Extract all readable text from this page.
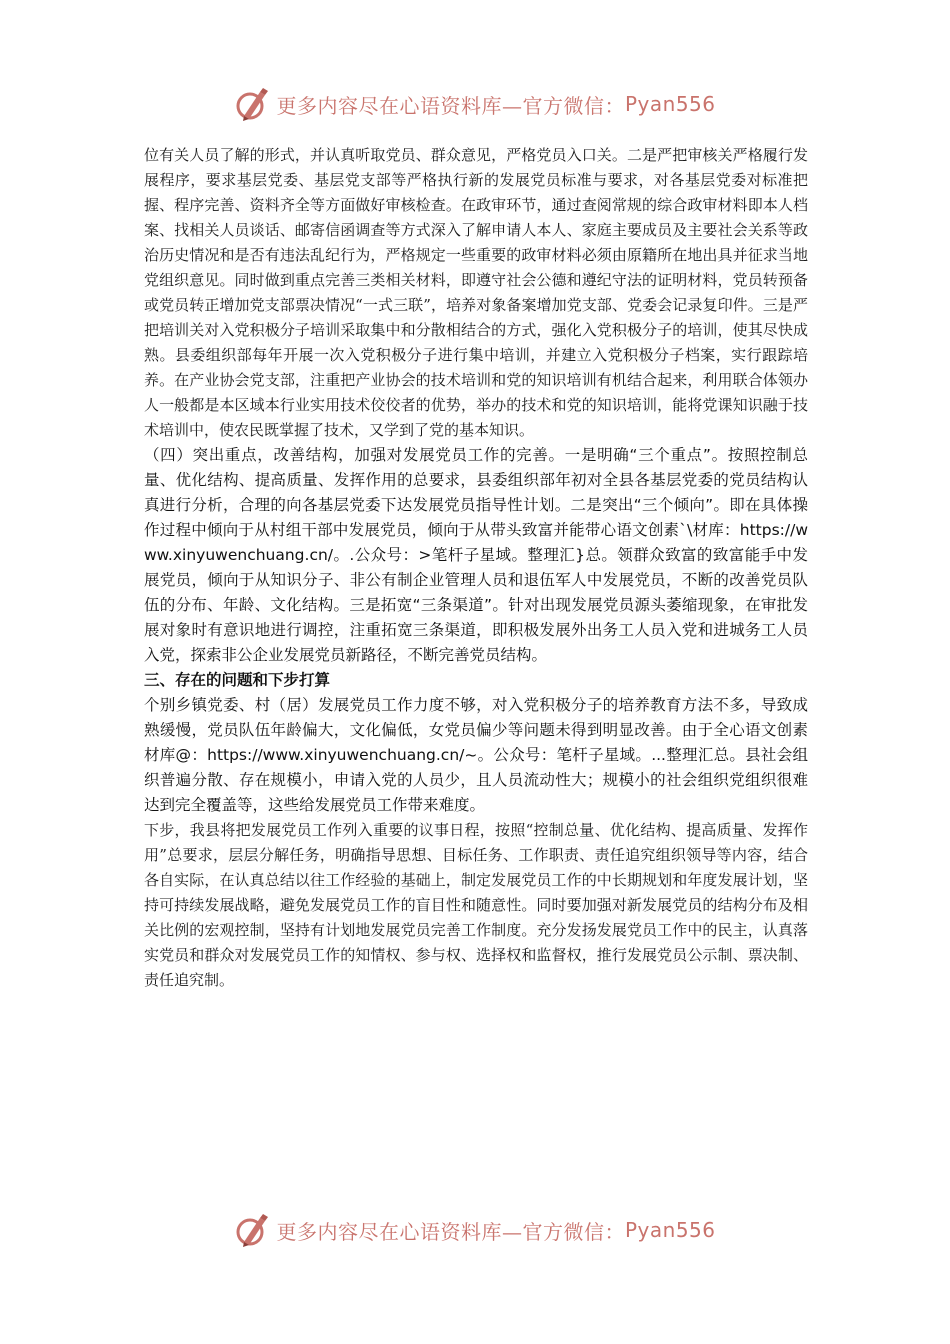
更多内容尽在心语资料库—官方微信： Pyan556

位有关人员了解的形式，并认真听取党员、群众意见，严格党员入口关。二是严把审核关严格履行发展程序，要求基层党委、基层党支部等严格执行新的发展党员标准与要求，对各基层党委对标准把握、程序完善、资料齐全等方面做好审核检查。在政审环节，通过查阅常规的综合政审材料即本人档案、找相关人员谈话、邮寄信函调查等方式深入了解申请人本人、家庭主要成员及主要社会关系等政治历史情况和是否有违法乱纪行为，严格规定一些重要的政审材料必须由原籍所在地出具并征求当地党组织意见。同时做到重点完善三类相关材料，即遵守社会公德和遵纪守法的证明材料，党员转预备或党员转正增加党支部票决情况“一式三联”，培养对象备案增加党支部、党委会记录复印件。三是严把培训关对入党积极分子培训采取集中和分散相结合的方式，强化入党积极分子的培训，使其尽快成熟。县委组织部每年开展一次入党积极分子进行集中培训，并建立入党积极分子档案，实行跟踪培养。在产业协会党支部，注重把产业协会的技术培训和党的知识培训有机结合起来，利用联合体领办人一般都是本区域本行业实用技术佼佼者的优势，举办的技术和党的知识培训，能将党课知识融于技术培训中，使农民既掌握了技术，又学到了党的基本知识。

（四）突出重点，改善结构，加强对发展党员工作的完善。一是明确“三个重点”。按照控制总量、优化结构、提高质量、发挥作用的总要求，县委组织部年初对全县各基层党委的党员结构认真进行分析，合理的向各基层党委下达发展党员指导性计划。二是突出“三个倾向”。即在具体操作过程中倾向于从村组干部中发展党员，倾向于从带头致富并能带心语文创素`\材库：https://www.xinyuwenchuang.cn/。.公众号：>笔杆子星域。整理汇}总。领群众致富的致富能手中发展党员，倾向于从知识分子、非公有制企业管理人员和退伍军人中发展党员，不断的改善党员队伍的分布、年龄、文化结构。三是拓宽“三条渠道”。针对出现发展党员源头萎缩现象，在审批发展对象时有意识地进行调控，注重拓宽三条渠道，即积极发展外出务工人员入党和进城务工人员入党，探索非公企业发展党员新路径，不断完善党员结构。

三、存在的问题和下步打算

个别乡镇党委、村（居）发展党员工作力度不够，对入党积极分子的培养教育方法不多，导致成熟缓慢，党员队伍年龄偏大，文化偏低，女党员偏少等问题未得到明显改善。由于全心语文创素材库@：https://www.xinyuwenchuang.cn/~。公众号：笔杆子星域。...整理汇总。县社会组织普遍分散、存在规模小，申请入党的人员少，且人员流动性大；规模小的社会组织党组织很难达到完全覆盖等，这些给发展党员工作带来难度。

下步，我县将把发展党员工作列入重要的议事日程，按照“控制总量、优化结构、提高质量、发挥作用”总要求，层层分解任务，明确指导思想、目标任务、工作职责、责任追究组织领导等内容，结合各自实际，在认真总结以往工作经验的基础上，制定发展党员工作的中长期规划和年度发展计划，坚持可持续发展战略，避免发展党员工作的盲目性和随意性。同时要加强对新发展党员的结构分布及相关比例的宏观控制，坚持有计划地发展党员完善工作制度。充分发扬发展党员工作中的民主，认真落实党员和群众对发展党员工作的知情权、参与权、选择权和监督权，推行发展党员公示制、票决制、责任追究制。

更多内容尽在心语资料库—官方微信： Pyan556
